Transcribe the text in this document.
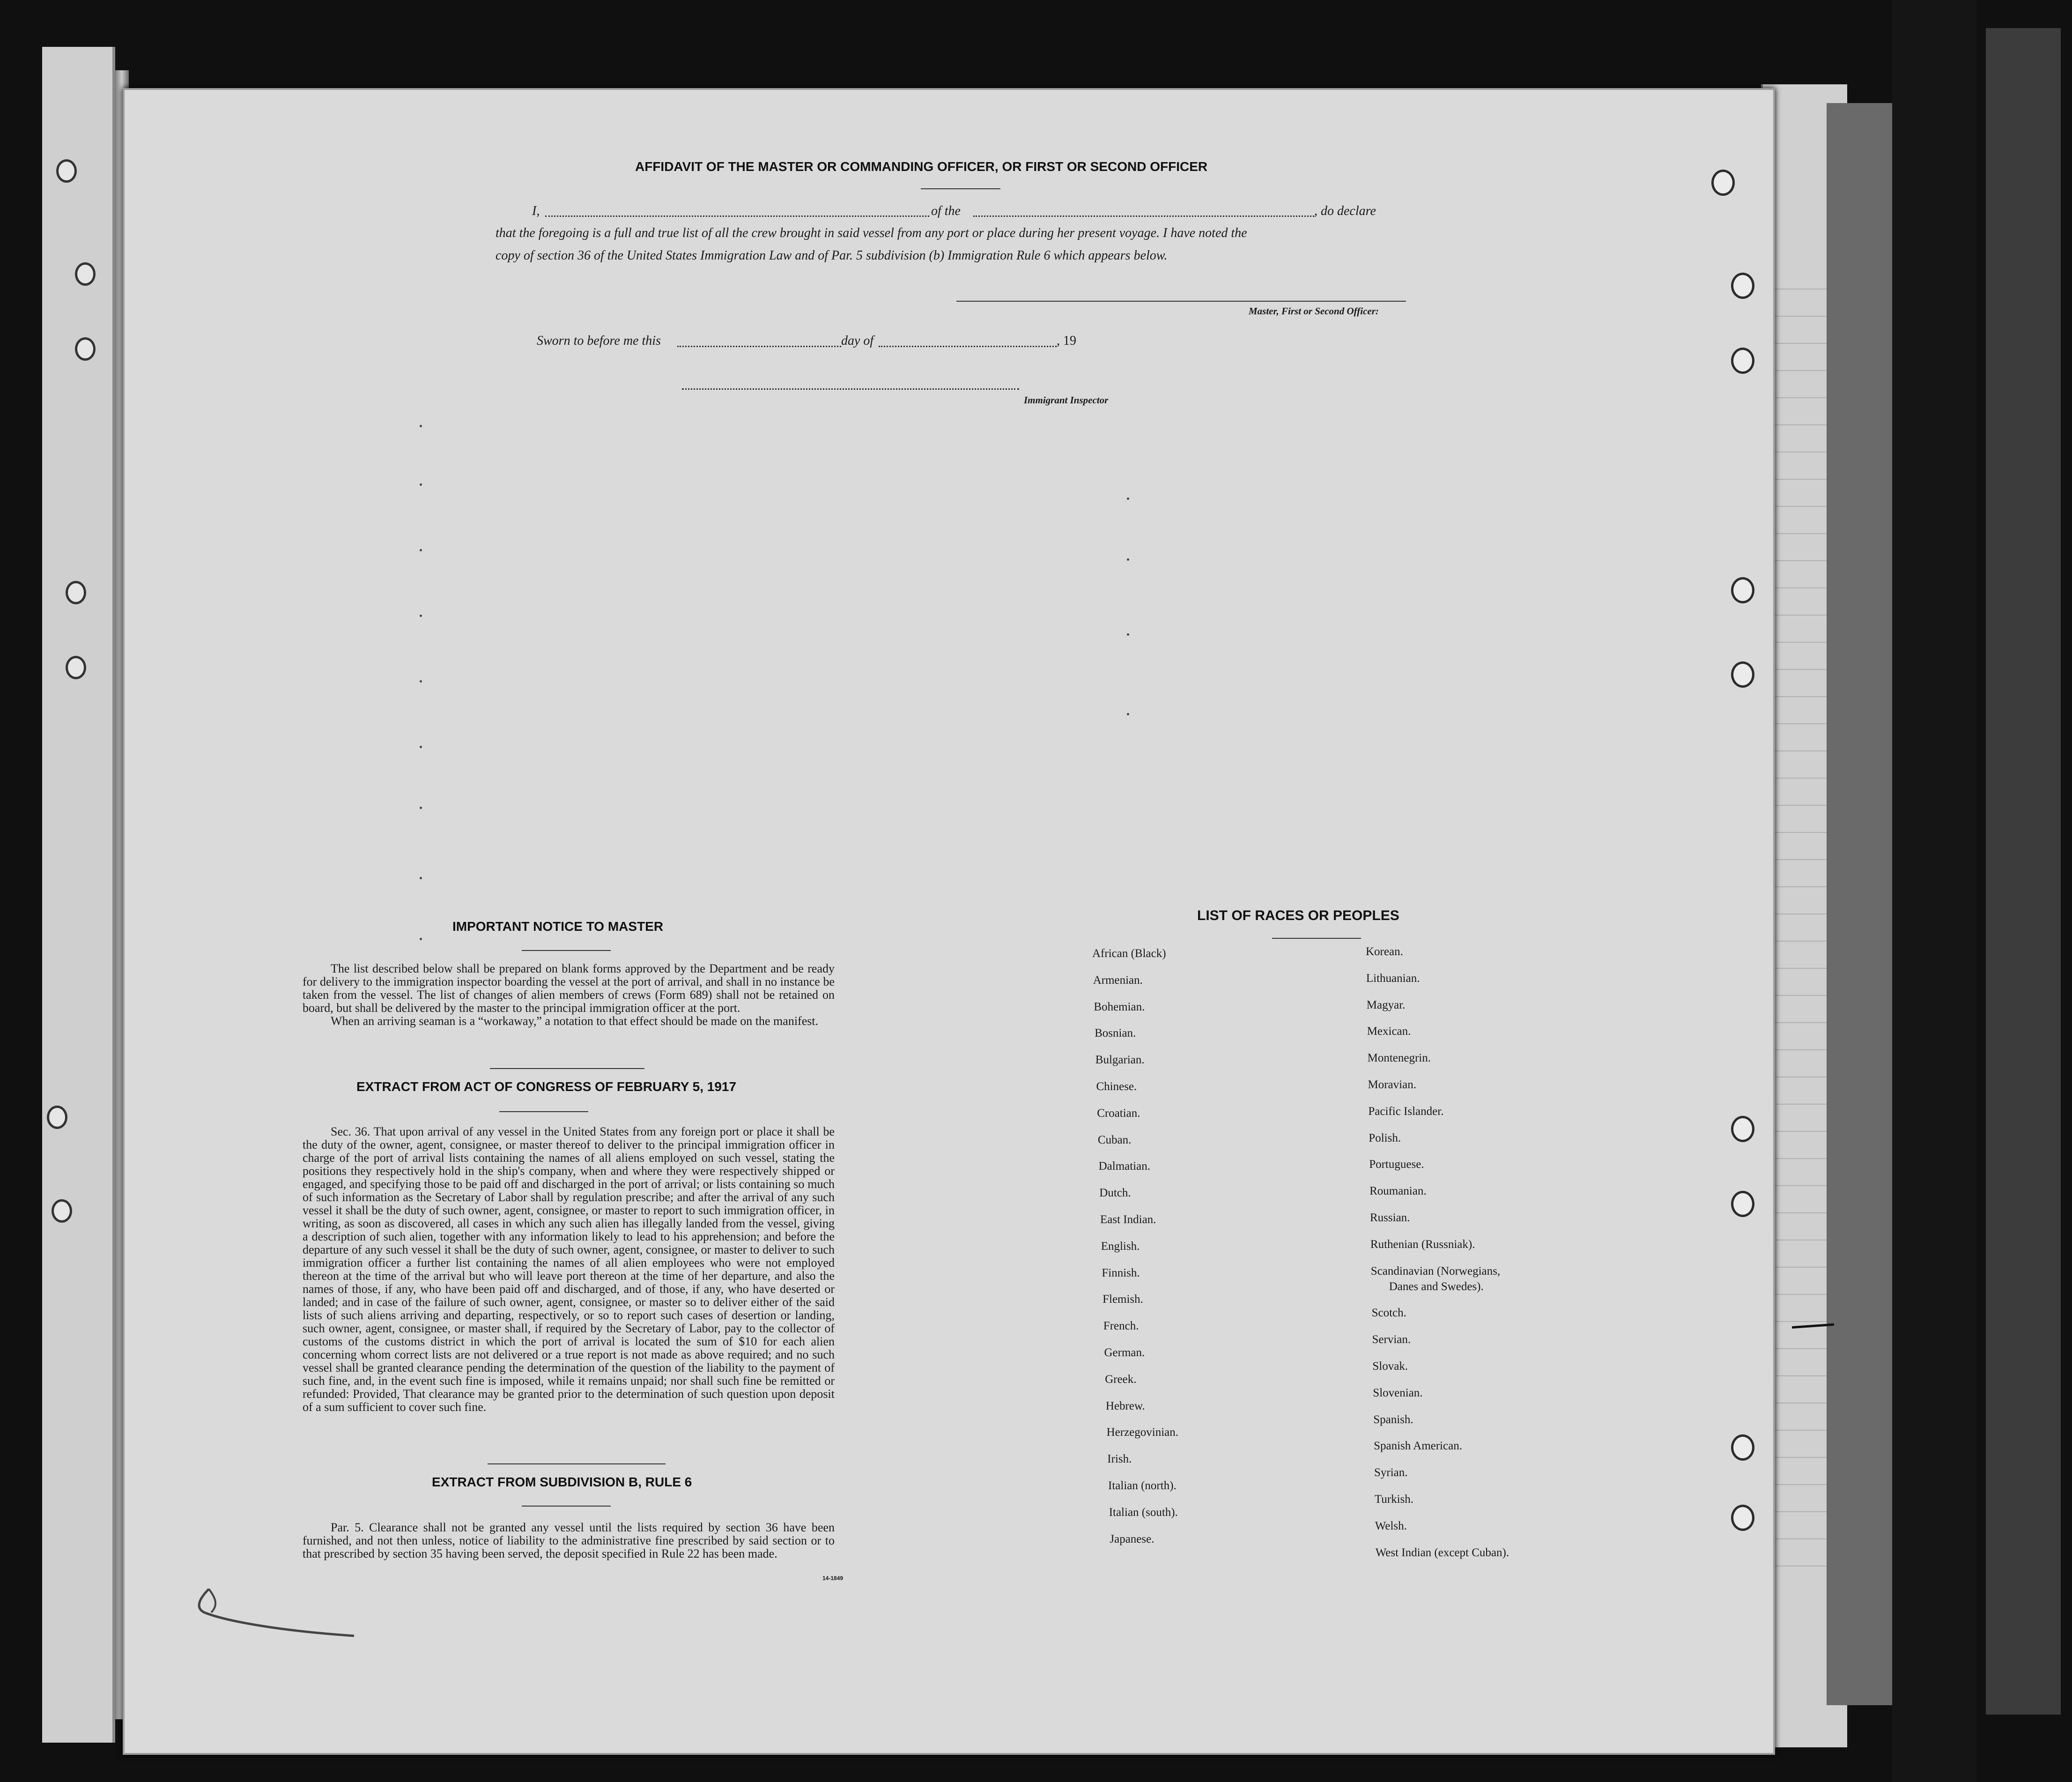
AFFIDAVIT OF THE MASTER OR COMMANDING OFFICER, OR FIRST OR SECOND OFFICER
I,	of the	, do declare
that the foregoing is a full and true list of all the crew brought in said vessel from any port or place during her present voyage. I have noted the
copy of section 36 of the United States Immigration Law and of Par. 5 subdivision (b) Immigration Rule 6 which appears below.
Master, First or Second Officer:
Sworn to before me this	day of	, 19
Immigrant Inspector
IMPORTANT NOTICE TO MASTER

The list described below shall be prepared on blank forms approved by the Department and be ready for delivery to the immigration inspector boarding the vessel at the port of arrival, and shall in no instance be taken from the vessel. The list of changes of alien members of crews (Form 689) shall not be retained on board, but shall be delivered by the master to the principal immigration officer at the port.

When an arriving seaman is a “workaway,” a notation to that effect should be made on the manifest.

EXTRACT FROM ACT OF CONGRESS OF FEBRUARY 5, 1917

Sec. 36. That upon arrival of any vessel in the United States from any foreign port or place it shall be the duty of the owner, agent, consignee, or master thereof to deliver to the principal immigration officer in charge of the port of arrival lists containing the names of all aliens employed on such vessel, stating the positions they respectively hold in the ship's company, when and where they were respectively shipped or engaged, and specifying those to be paid off and discharged in the port of arrival; or lists containing so much of such information as the Secretary of Labor shall by regulation prescribe; and after the arrival of any such vessel it shall be the duty of such owner, agent, consignee, or master to report to such immigration officer, in writing, as soon as discovered, all cases in which any such alien has illegally landed from the vessel, giving a description of such alien, together with any information likely to lead to his apprehension; and before the departure of any such vessel it shall be the duty of such owner, agent, consignee, or master to deliver to such immigration officer a further list containing the names of all alien employees who were not employed thereon at the time of the arrival but who will leave port thereon at the time of her departure, and also the names of those, if any, who have been paid off and discharged, and of those, if any, who have deserted or landed; and in case of the failure of such owner, agent, consignee, or master so to deliver either of the said lists of such aliens arriving and departing, respectively, or so to report such cases of desertion or landing, such owner, agent, consignee, or master shall, if required by the Secretary of Labor, pay to the collector of customs of the customs district in which the port of arrival is located the sum of $10 for each alien concerning whom correct lists are not delivered or a true report is not made as above required; and no such vessel shall be granted clearance pending the determination of the question of the liability to the payment of such fine, and, in the event such fine is imposed, while it remains unpaid; nor shall such fine be remitted or refunded: Provided, That clearance may be granted prior to the determination of such question upon deposit of a sum sufficient to cover such fine.

EXTRACT FROM SUBDIVISION B, RULE 6

Par. 5. Clearance shall not be granted any vessel until the lists required by section 36 have been furnished, and not then unless, notice of liability to the administrative fine prescribed by said section or to that prescribed by section 35 having been served, the deposit specified in Rule 22 has been made.

14-1849
LIST OF RACES OR PEOPLES
African (Black)
Armenian.
Bohemian.
Bosnian.
Bulgarian.
Chinese.
Croatian.
Cuban.
Dalmatian.
Dutch.
East Indian.
English.
Finnish.
Flemish.
French.
German.
Greek.
Hebrew.
Herzegovinian.
Irish.
Italian (north).
Italian (south).
Japanese.
Korean.
Lithuanian.
Magyar.
Mexican.
Montenegrin.
Moravian.
Pacific Islander.
Polish.
Portuguese.
Roumanian.
Russian.
Ruthenian (Russniak).
Scandinavian (Norwegians,
Danes and Swedes).
Scotch.
Servian.
Slovak.
Slovenian.
Spanish.
Spanish American.
Syrian.
Turkish.
Welsh.
West Indian (except Cuban).
